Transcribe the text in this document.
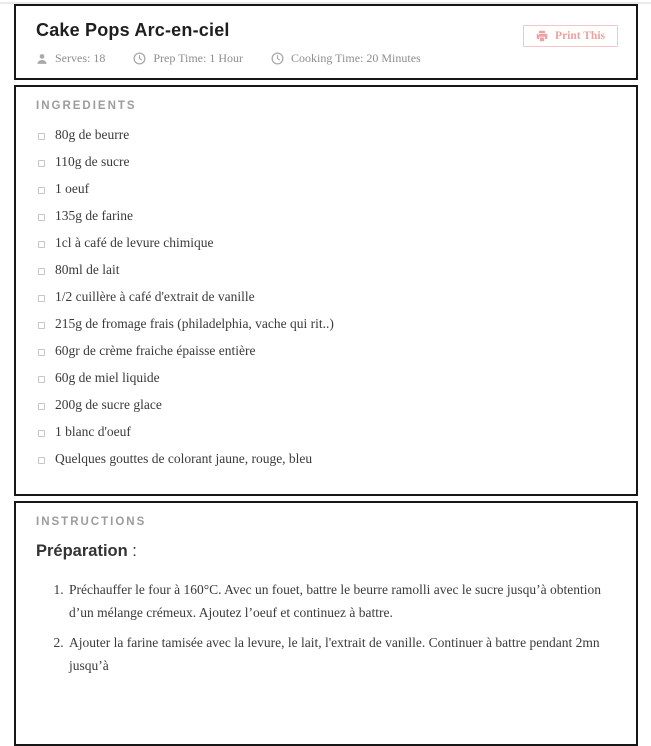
Cake Pops Arc-en-ciel
Serves: 18	Prep Time: 1 Hour	Cooking Time: 20 Minutes
Print This
INGREDIENTS
80g de beurre
110g de sucre
1 oeuf
135g de farine
1cl à café de levure chimique
80ml de lait
1/2 cuillère à café d'extrait de vanille
215g de fromage frais (philadelphia, vache qui rit..)
60gr de crème fraiche épaisse entière
60g de miel liquide
200g de sucre glace
1 blanc d'oeuf
Quelques gouttes de colorant jaune, rouge, bleu
INSTRUCTIONS
Préparation :
1. Préchauffer le four à 160°C. Avec un fouet, battre le beurre ramolli avec le sucre jusqu’à obtention d’un mélange crémeux. Ajoutez l’oeuf et continuez à battre.
2. Ajouter la farine tamisée avec la levure, le lait, l'extrait de vanille. Continuer à battre pendant 2mn jusqu’à
